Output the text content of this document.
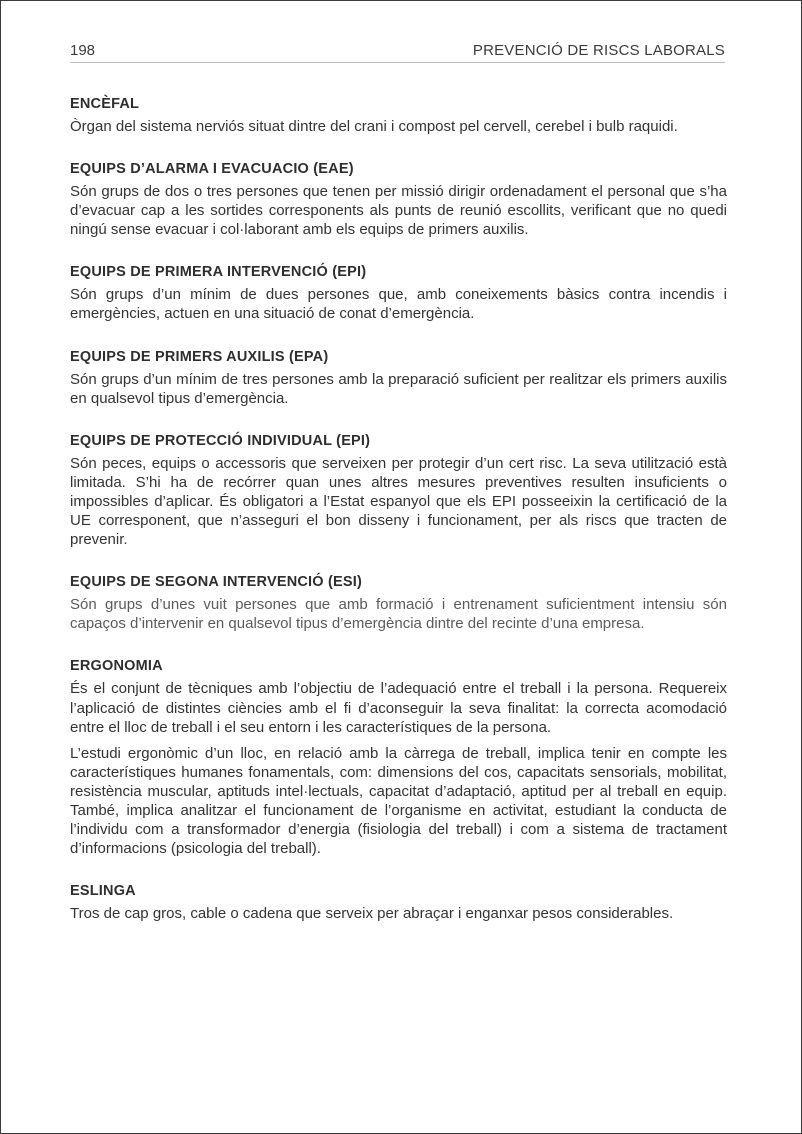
198	PREVENCIÓ DE RISCS LABORALS
ENCÈFAL

Òrgan del sistema nerviós situat dintre del crani i compost pel cervell, cerebel i bulb raquidi.

EQUIPS D’ALARMA I EVACUACIO (EAE)

Són grups de dos o tres persones que tenen per missió dirigir ordenadament el personal que s’ha d’evacuar cap a les sortides corresponents als punts de reunió escollits, verificant que no quedi ningú sense evacuar i col·laborant amb els equips de primers auxilis.

EQUIPS DE PRIMERA INTERVENCIÓ (EPI)

Són grups d’un mínim de dues persones que, amb coneixements bàsics contra incendis i emergències, actuen en una situació de conat d’emergència.

EQUIPS DE PRIMERS AUXILIS (EPA)

Són grups d’un mínim de tres persones amb la preparació suficient per realitzar els primers auxilis en qualsevol tipus d’emergència.

EQUIPS DE PROTECCIÓ INDIVIDUAL (EPI)

Són peces, equips o accessoris que serveixen per protegir d’un cert risc. La seva utilització està limitada. S’hi ha de recórrer quan unes altres mesures preventives resulten insuficients o impossibles d’aplicar. És obligatori a l’Estat espanyol que els EPI posseeixin la certificació de la UE corresponent, que n’asseguri el bon disseny i funcionament, per als riscs que tracten de prevenir.

EQUIPS DE SEGONA INTERVENCIÓ (ESI)

Són grups d’unes vuit persones que amb formació i entrenament suficientment intensiu són capaços d’intervenir en qualsevol tipus d’emergència dintre del recinte d’una empresa.

ERGONOMIA

És el conjunt de tècniques amb l’objectiu de l’adequació entre el treball i la persona. Requereix l’aplicació de distintes ciències amb el fi d’aconseguir la seva finalitat: la correcta acomodació entre el lloc de treball i el seu entorn i les característiques de la persona.

L’estudi ergonòmic d’un lloc, en relació amb la càrrega de treball, implica tenir en compte les característiques humanes fonamentals, com: dimensions del cos, capacitats sensorials, mobilitat, resistència muscular, aptituds intel·lectuals, capacitat d’adaptació, aptitud per al treball en equip. També, implica analitzar el funcionament de l’organisme en activitat, estudiant la conducta de l’individu com a transformador d’energia (fisiologia del treball) i com a sistema de tractament d’informacions (psicologia del treball).

ESLINGA

Tros de cap gros, cable o cadena que serveix per abraçar i enganxar pesos considerables.
